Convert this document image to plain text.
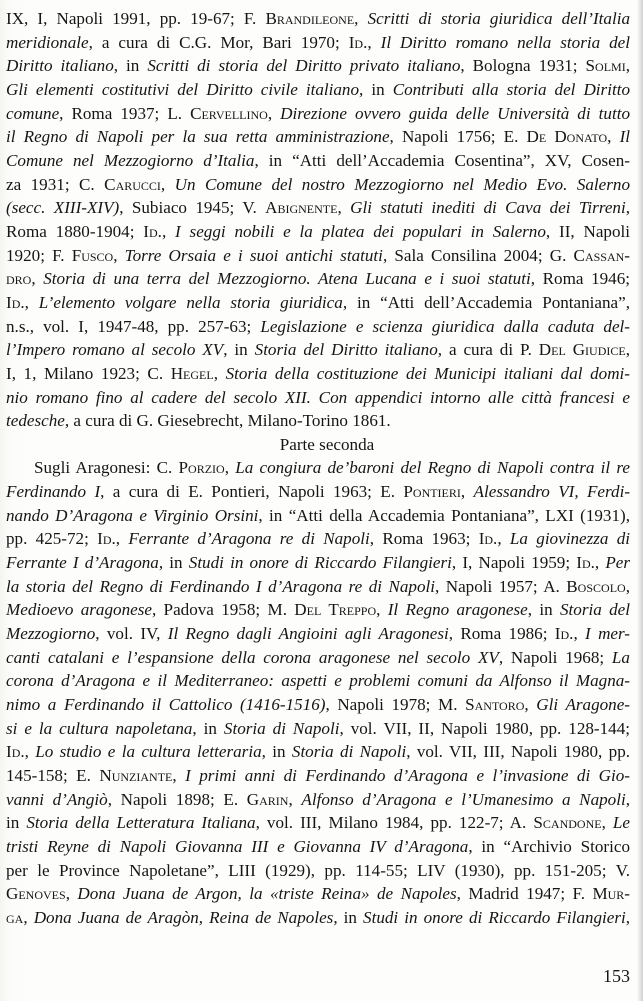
IX, I, Napoli 1991, pp. 19-67; F. Brandileone, Scritti di storia giuridica dell’Italia
meridionale, a cura di C.G. Mor, Bari 1970; Id., Il Diritto romano nella storia del
Diritto italiano, in Scritti di storia del Diritto privato italiano, Bologna 1931; Solmi,
Gli elementi costitutivi del Diritto civile italiano, in Contributi alla storia del Diritto
comune, Roma 1937; L. Cervellino, Direzione ovvero guida delle Università di tutto
il Regno di Napoli per la sua retta amministrazione, Napoli 1756; E. De Donato, Il
Comune nel Mezzogiorno d’Italia, in “Atti dell’Accademia Cosentina”, XV, Cosen-
za 1931; C. Carucci, Un Comune del nostro Mezzogiorno nel Medio Evo. Salerno
(secc. XIII-XIV), Subiaco 1945; V. Abignente, Gli statuti inediti di Cava dei Tirreni,
Roma 1880-1904; Id., I seggi nobili e la platea dei populari in Salerno, II, Napoli
1920; F. Fusco, Torre Orsaia e i suoi antichi statuti, Sala Consilina 2004; G. Cassan-
dro, Storia di una terra del Mezzogiorno. Atena Lucana e i suoi statuti, Roma 1946;
Id., L’elemento volgare nella storia giuridica, in “Atti dell’Accademia Pontaniana”,
n.s., vol. I, 1947-48, pp. 257-63; Legislazione e scienza giuridica dalla caduta del-
l’Impero romano al secolo XV, in Storia del Diritto italiano, a cura di P. Del Giudice,
I, 1, Milano 1923; C. Hegel, Storia della costituzione dei Municipi italiani dal domi-
nio romano fino al cadere del secolo XII. Con appendici intorno alle città francesi e
tedesche, a cura di G. Giesebrecht, Milano-Torino 1861.
Parte seconda
Sugli Aragonesi: C. Porzio, La congiura de’baroni del Regno di Napoli contra il re
Ferdinando I, a cura di E. Pontieri, Napoli 1963; E. Pontieri, Alessandro VI, Ferdi-
nando D’Aragona e Virginio Orsini, in “Atti della Accademia Pontaniana”, LXI (1931),
pp. 425-72; Id., Ferrante d’Aragona re di Napoli, Roma 1963; Id., La giovinezza di
Ferrante I d’Aragona, in Studi in onore di Riccardo Filangieri, I, Napoli 1959; Id., Per
la storia del Regno di Ferdinando I d’Aragona re di Napoli, Napoli 1957; A. Boscolo,
Medioevo aragonese, Padova 1958; M. Del Treppo, Il Regno aragonese, in Storia del
Mezzogiorno, vol. IV, Il Regno dagli Angioini agli Aragonesi, Roma 1986; Id., I mer-
canti catalani e l’espansione della corona aragonese nel secolo XV, Napoli 1968; La
corona d’Aragona e il Mediterraneo: aspetti e problemi comuni da Alfonso il Magna-
nimo a Ferdinando il Cattolico (1416-1516), Napoli 1978; M. Santoro, Gli Aragone-
si e la cultura napoletana, in Storia di Napoli, vol. VII, II, Napoli 1980, pp. 128-144;
Id., Lo studio e la cultura letteraria, in Storia di Napoli, vol. VII, III, Napoli 1980, pp.
145-158; E. Nunziante, I primi anni di Ferdinando d’Aragona e l’invasione di Gio-
vanni d’Angiò, Napoli 1898; E. Garin, Alfonso d’Aragona e l’Umanesimo a Napoli,
in Storia della Letteratura Italiana, vol. III, Milano 1984, pp. 122-7; A. Scandone, Le
tristi Reyne di Napoli Giovanna III e Giovanna IV d’Aragona, in “Archivio Storico
per le Province Napoletane”, LIII (1929), pp. 114-55; LIV (1930), pp. 151-205; V.
Genoves, Dona Juana de Argon, la «triste Reina» de Napoles, Madrid 1947; F. Mur-
ga, Dona Juana de Aragòn, Reina de Napoles, in Studi in onore di Riccardo Filangieri,
153
